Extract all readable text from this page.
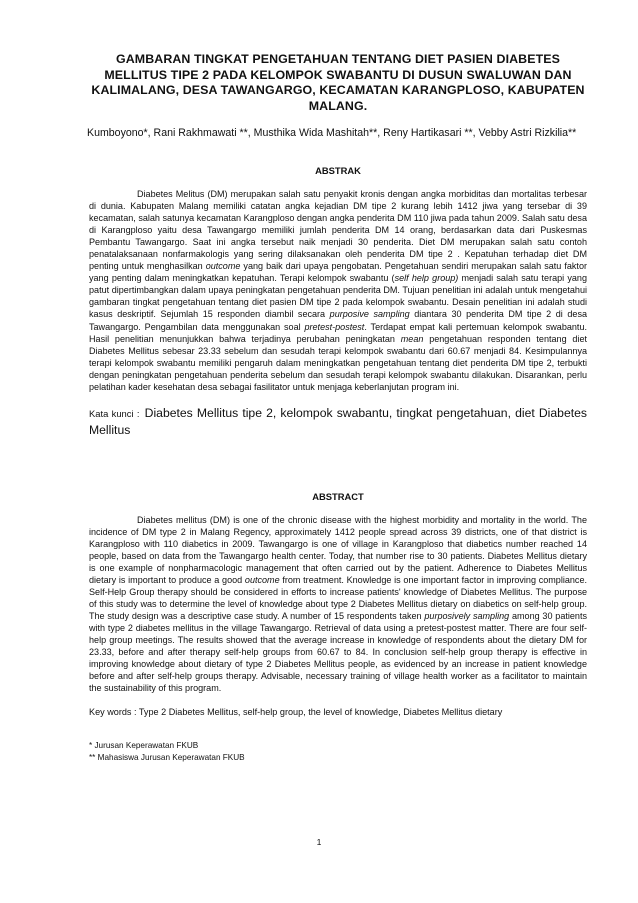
GAMBARAN TINGKAT PENGETAHUAN TENTANG DIET PASIEN DIABETES MELLITUS TIPE 2 PADA KELOMPOK SWABANTU DI DUSUN SWALUWAN DAN KALIMALANG, DESA TAWANGARGO, KECAMATAN KARANGPLOSO, KABUPATEN MALANG.
Kumboyono*, Rani Rakhmawati **, Musthika Wida Mashitah**, Reny Hartikasari **, Vebby Astri Rizkilia**
ABSTRAK

Diabetes Melitus (DM) merupakan salah satu penyakit kronis dengan angka morbiditas dan mortalitas terbesar di dunia. Kabupaten Malang memiliki catatan angka kejadian DM tipe 2 kurang lebih 1412 jiwa yang tersebar di 39 kecamatan, salah satunya kecamatan Karangploso dengan angka penderita DM 110 jiwa pada tahun 2009. Salah satu desa di Karangploso yaitu desa Tawangargo memiliki jumlah penderita DM 14 orang, berdasarkan data dari Puskesmas Pembantu Tawangargo. Saat ini angka tersebut naik menjadi 30 penderita. Diet DM merupakan salah satu contoh penatalaksanaan nonfarmakologis yang sering dilaksanakan oleh penderita DM tipe 2 . Kepatuhan terhadap diet DM penting untuk menghasilkan outcome yang baik dari upaya pengobatan. Pengetahuan sendiri merupakan salah satu faktor yang penting dalam meningkatkan kepatuhan. Terapi kelompok swabantu (self help group) menjadi salah satu terapi yang patut dipertimbangkan dalam upaya peningkatan pengetahuan penderita DM. Tujuan penelitian ini adalah untuk mengetahui gambaran tingkat pengetahuan tentang diet pasien DM tipe 2 pada kelompok swabantu. Desain penelitian ini adalah studi kasus deskriptif. Sejumlah 15 responden diambil secara purposive sampling diantara 30 penderita DM tipe 2 di desa Tawangargo. Pengambilan data menggunakan soal pretest-postest. Terdapat empat kali pertemuan kelompok swabantu. Hasil penelitian menunjukkan bahwa terjadinya perubahan peningkatan mean pengetahuan responden tentang diet Diabetes Mellitus sebesar 23.33 sebelum dan sesudah terapi kelompok swabantu dari 60.67 menjadi 84. Kesimpulannya terapi kelompok swabantu memiliki pengaruh dalam meningkatkan pengetahuan tentang diet penderita DM tipe 2, terbukti dengan peningkatan pengetahuan penderita sebelum dan sesudah terapi kelompok swabantu dilakukan. Disarankan, perlu pelatihan kader kesehatan desa sebagai fasilitator untuk menjaga keberlanjutan program ini.

Kata kunci : Diabetes Mellitus tipe 2, kelompok swabantu, tingkat pengetahuan, diet Diabetes Mellitus
ABSTRACT

Diabetes mellitus (DM) is one of the chronic disease with the highest morbidity and mortality in the world. The incidence of DM type 2 in Malang Regency, approximately 1412 people spread across 39 districts, one of that district is Karangploso with 110 diabetics in 2009. Tawangargo is one of village in Karangploso that diabetics number reached 14 people, based on data from the Tawangargo health center. Today, that number rise to 30 patients. Diabetes Mellitus dietary is one example of nonpharmacologic management that often carried out by the patient. Adherence to Diabetes Mellitus dietary is important to produce a good outcome from treatment. Knowledge is one important factor in improving compliance. Self-Help Group therapy should be considered in efforts to increase patients' knowledge of Diabetes Mellitus. The purpose of this study was to determine the level of knowledge about type 2 Diabetes Mellitus dietary on diabetics on self-help group. The study design was a descriptive case study. A number of 15 respondents taken purposively sampling among 30 patients with type 2 diabetes mellitus in the village Tawangargo. Retrieval of data using a pretest-postest matter. There are four self-help group meetings. The results showed that the average increase in knowledge of respondents about the dietary DM for 23.33, before and after therapy self-help groups from 60.67 to 84. In conclusion self-help group therapy is effective in improving knowledge about dietary of type 2 Diabetes Mellitus people, as evidenced by an increase in patient knowledge before and after self-help groups therapy. Advisable, necessary training of village health worker as a facilitator to maintain the sustainability of this program.

Key words : Type 2 Diabetes Mellitus, self-help group, the level of knowledge, Diabetes Mellitus dietary
* Jurusan Keperawatan FKUB
** Mahasiswa Jurusan Keperawatan FKUB
1
